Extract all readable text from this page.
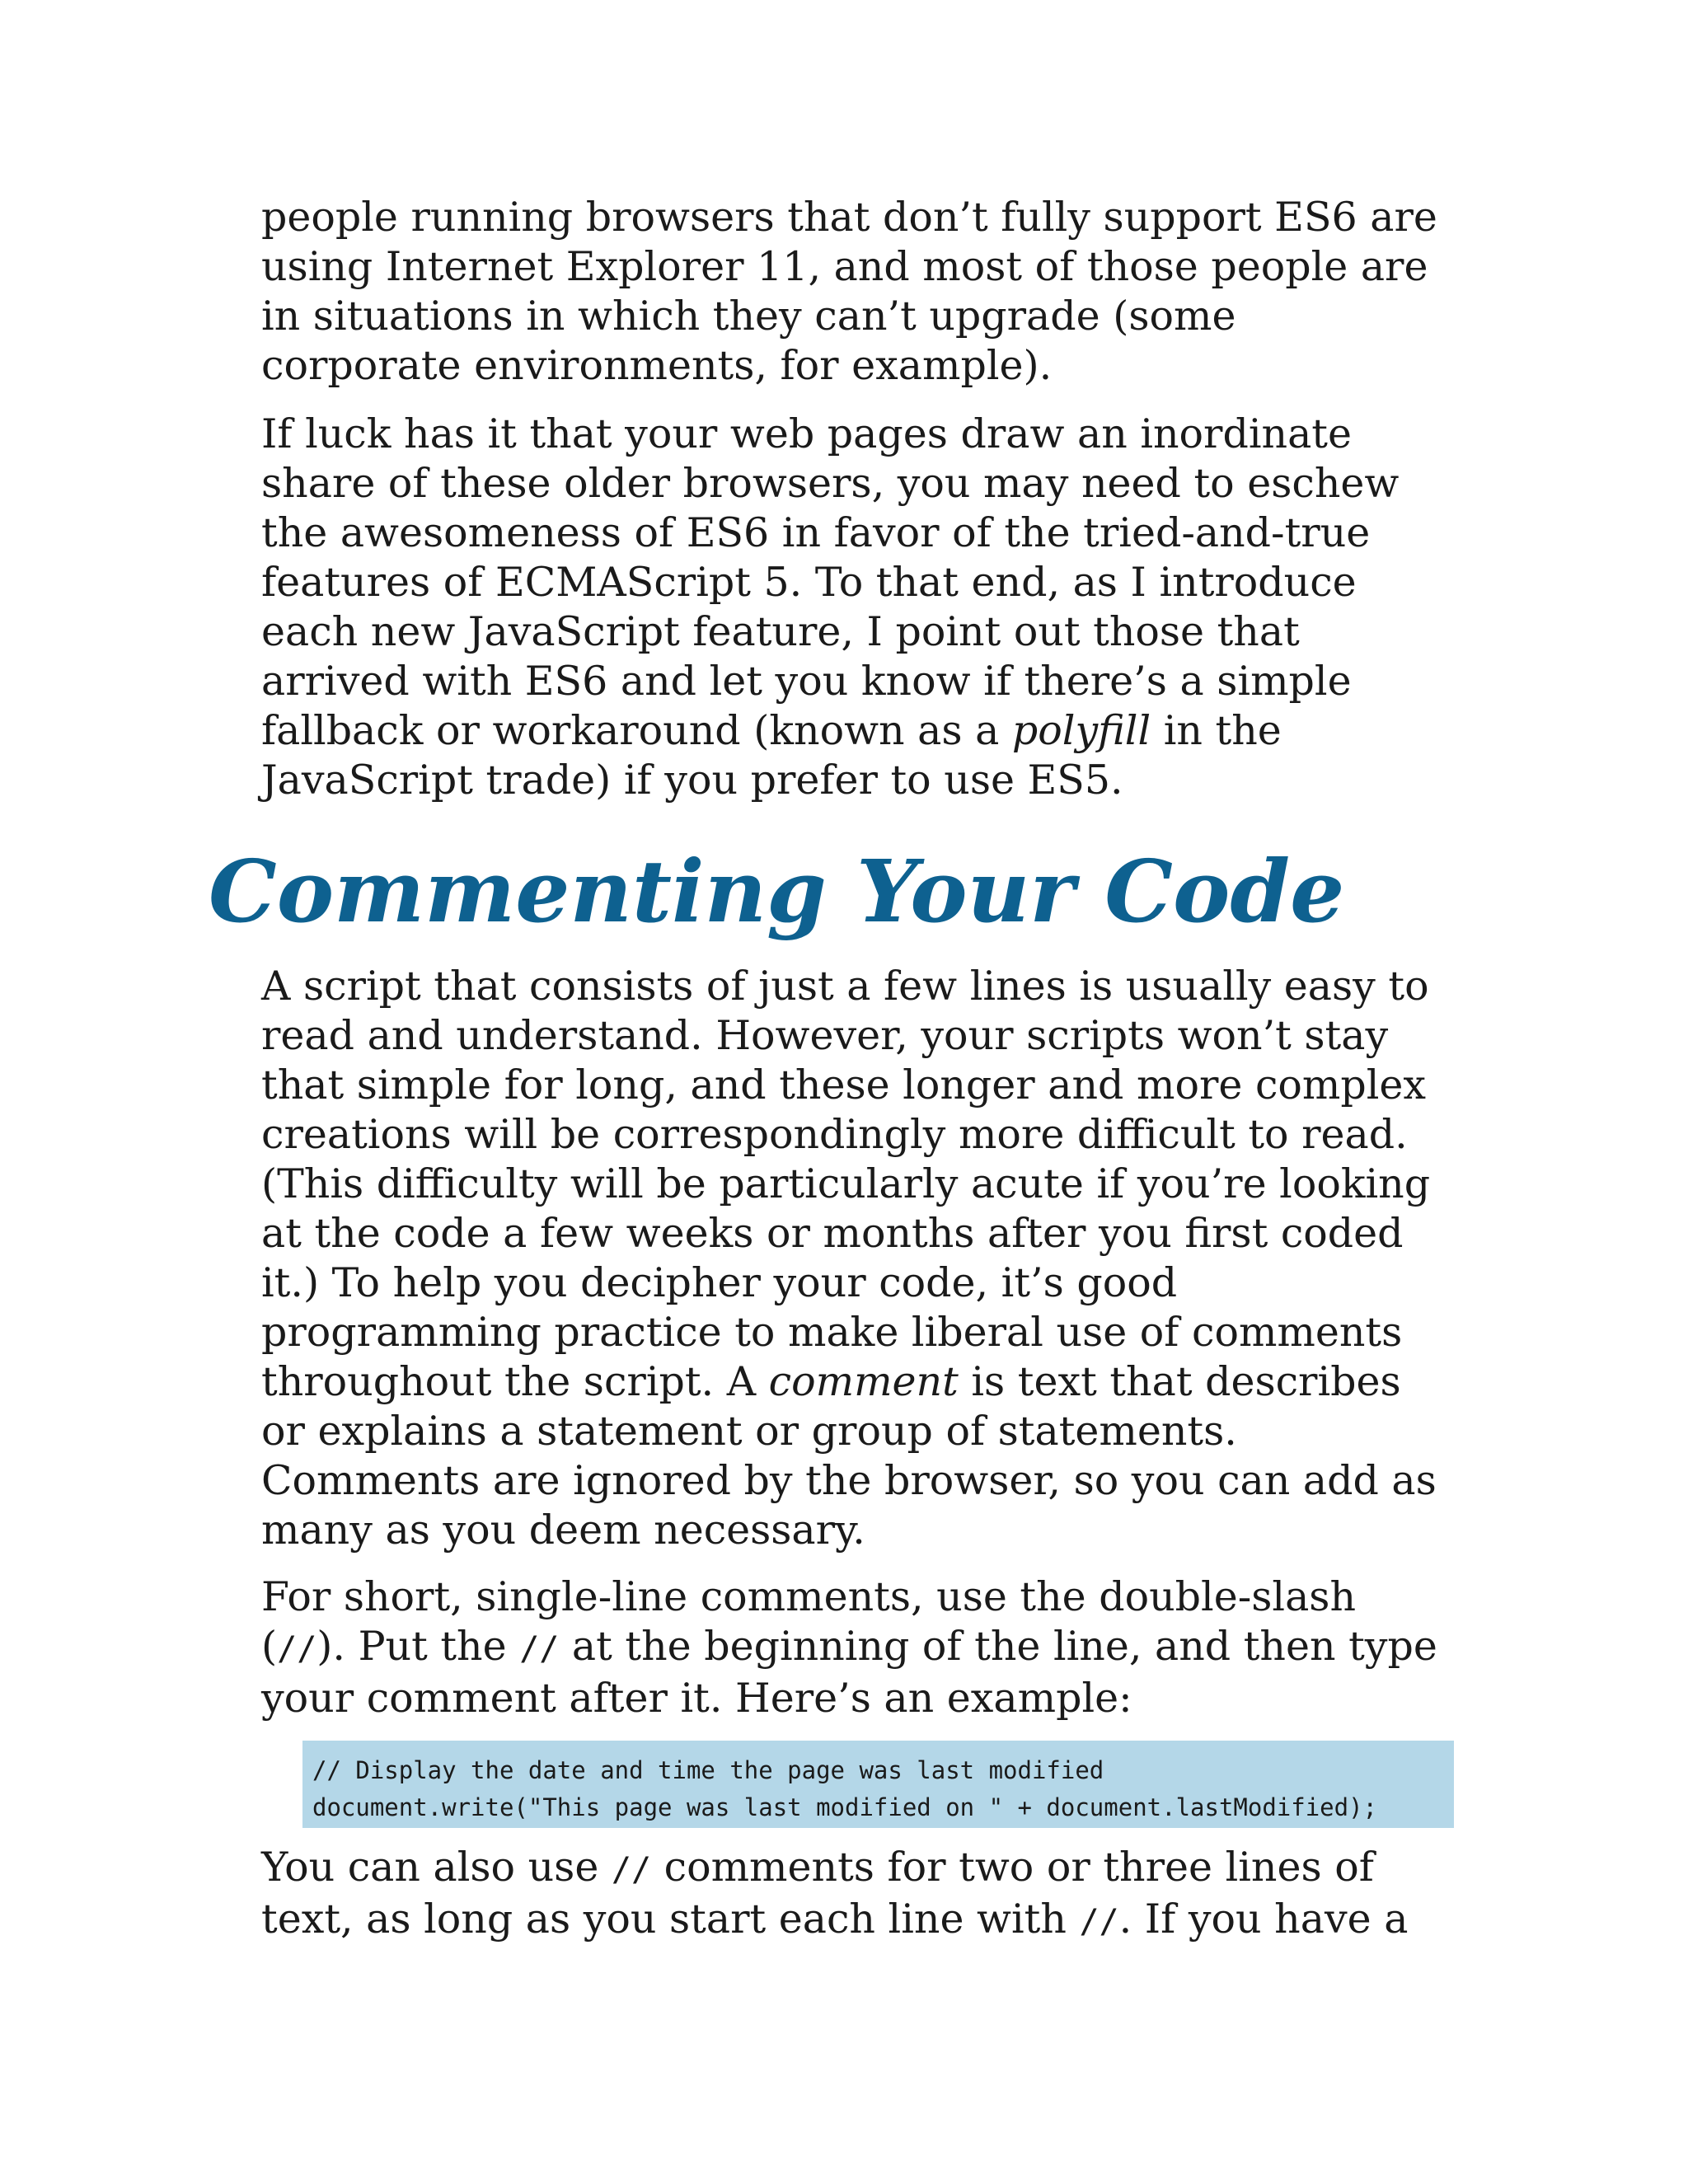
people running browsers that don’t fully support ES6 are
using Internet Explorer 11, and most of those people are
in situations in which they can’t upgrade (some
corporate environments, for example).

If luck has it that your web pages draw an inordinate
share of these older browsers, you may need to eschew
the awesomeness of ES6 in favor of the tried-and-true
features of ECMAScript 5. To that end, as I introduce
each new JavaScript feature, I point out those that
arrived with ES6 and let you know if there’s a simple
fallback or workaround (known as a polyfill in the
JavaScript trade) if you prefer to use ES5.

Commenting Your Code

A script that consists of just a few lines is usually easy to
read and understand. However, your scripts won’t stay
that simple for long, and these longer and more complex
creations will be correspondingly more difficult to read.
(This difficulty will be particularly acute if you’re looking
at the code a few weeks or months after you first coded
it.) To help you decipher your code, it’s good
programming practice to make liberal use of comments
throughout the script. A comment is text that describes
or explains a statement or group of statements.
Comments are ignored by the browser, so you can add as
many as you deem necessary.

For short, single-line comments, use the double-slash
(//). Put the // at the beginning of the line, and then type
your comment after it. Here’s an example:

// Display the date and time the page was last modified
document.write("This page was last modified on " + document.lastModified);

You can also use // comments for two or three lines of
text, as long as you start each line with //. If you have a
